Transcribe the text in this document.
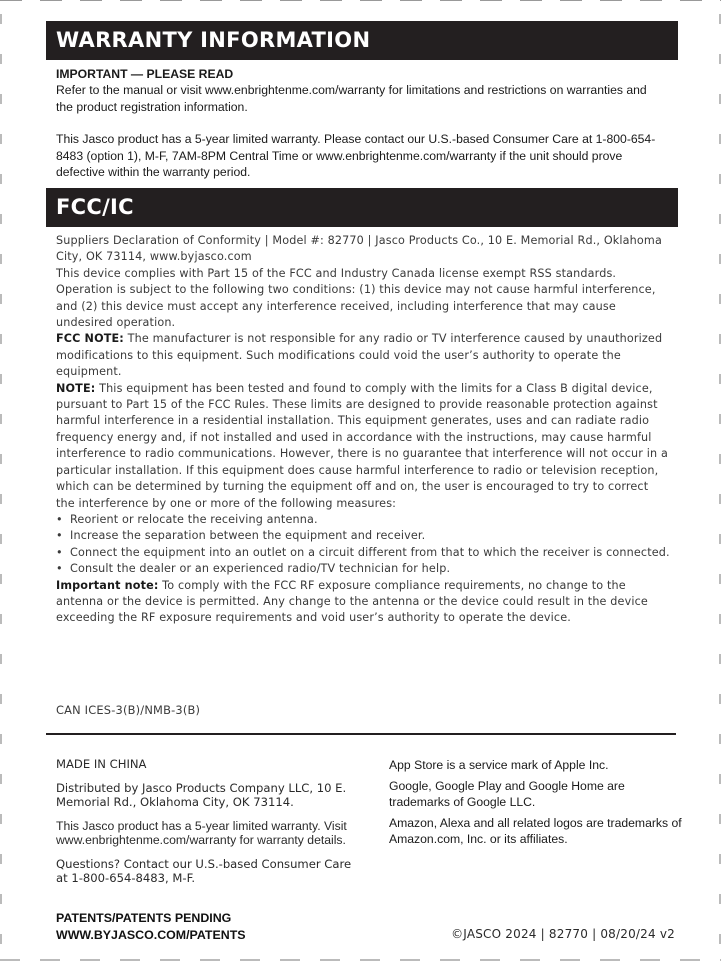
WARRANTY INFORMATION

IMPORTANT — PLEASE READ

Refer to the manual or visit www.enbrightenme.com/warranty for limitations and restrictions on warranties and the product registration information.

This Jasco product has a 5-year limited warranty. Please contact our U.S.-based Consumer Care at 1-800-654-8483 (option 1), M-F, 7AM-8PM Central Time or www.enbrightenme.com/warranty if the unit should prove defective within the warranty period.

FCC/IC

Suppliers Declaration of Conformity | Model #: 82770 | Jasco Products Co., 10 E. Memorial Rd., Oklahoma City, OK 73114, www.byjasco.com

This device complies with Part 15 of the FCC and Industry Canada license exempt RSS standards. Operation is subject to the following two conditions: (1) this device may not cause harmful interference, and (2) this device must accept any interference received, including interference that may cause undesired operation.

FCC NOTE: The manufacturer is not responsible for any radio or TV interference caused by unauthorized modifications to this equipment. Such modifications could void the user’s authority to operate the equipment.

NOTE: This equipment has been tested and found to comply with the limits for a Class B digital device, pursuant to Part 15 of the FCC Rules. These limits are designed to provide reasonable protection against harmful interference in a residential installation. This equipment generates, uses and can radiate radio frequency energy and, if not installed and used in accordance with the instructions, may cause harmful interference to radio communications. However, there is no guarantee that interference will not occur in a particular installation. If this equipment does cause harmful interference to radio or television reception, which can be determined by turning the equipment off and on, the user is encouraged to try to correct the interference by one or more of the following measures:

• Reorient or relocate the receiving antenna.
• Increase the separation between the equipment and receiver.
• Connect the equipment into an outlet on a circuit different from that to which the receiver is connected.
• Consult the dealer or an experienced radio/TV technician for help.

Important note: To comply with the FCC RF exposure compliance requirements, no change to the antenna or the device is permitted. Any change to the antenna or the device could result in the device exceeding the RF exposure requirements and void user’s authority to operate the device.

CAN ICES-3(B)/NMB-3(B)

MADE IN CHINA

Distributed by Jasco Products Company LLC, 10 E. Memorial Rd., Oklahoma City, OK 73114.

This Jasco product has a 5-year limited warranty. Visit www.enbrightenme.com/warranty for warranty details.

Questions? Contact our U.S.-based Consumer Care at 1-800-654-8483, M-F.

App Store is a service mark of Apple Inc.

Google, Google Play and Google Home are trademarks of Google LLC.

Amazon, Alexa and all related logos are trademarks of Amazon.com, Inc. or its affiliates.

PATENTS/PATENTS PENDING
WWW.BYJASCO.COM/PATENTS	©JASCO 2024 | 82770 | 08/20/24 v2
